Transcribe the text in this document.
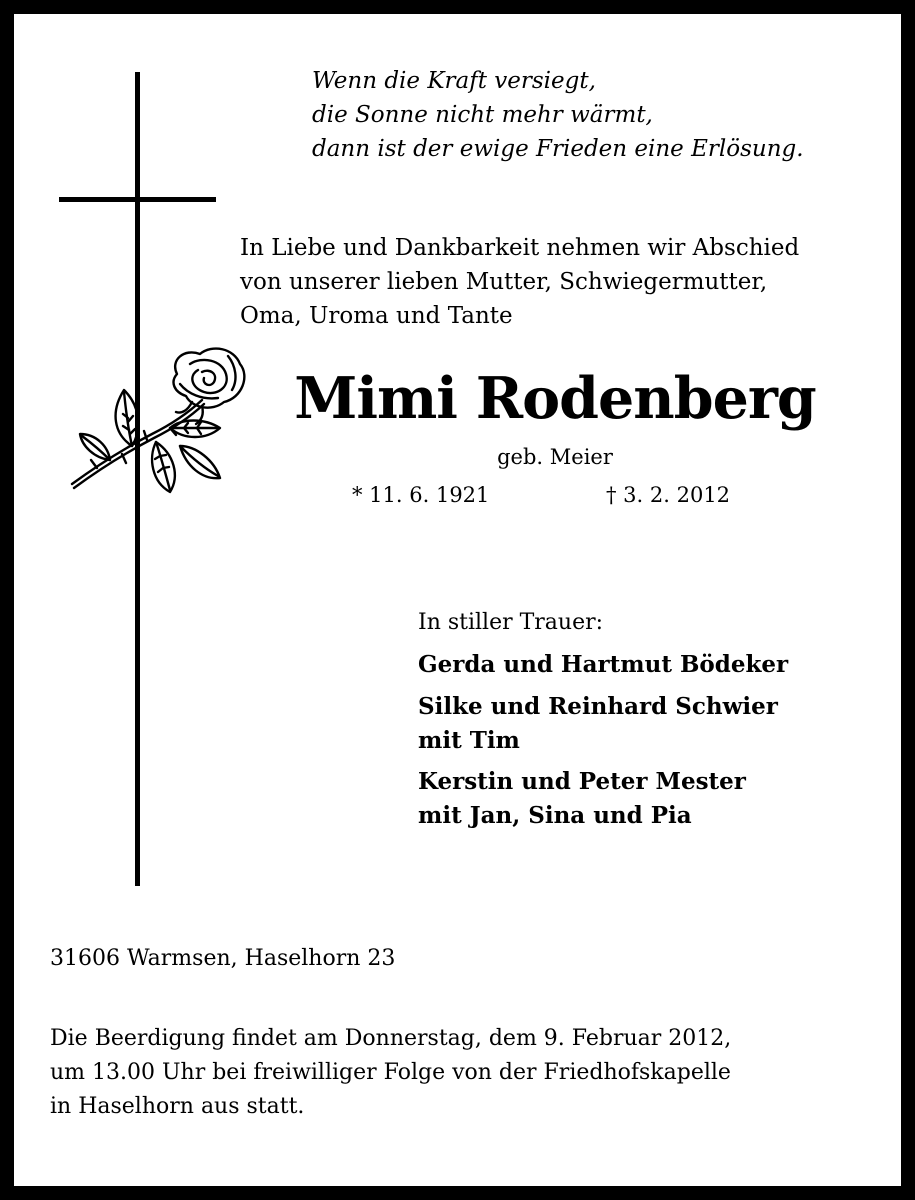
Wenn die Kraft versiegt,
die Sonne nicht mehr wärmt,
dann ist der ewige Frieden eine Erlösung.
In Liebe und Dankbarkeit nehmen wir Abschied
von unserer lieben Mutter, Schwiegermutter,
Oma, Uroma und Tante
Mimi Rodenberg
geb. Meier
* 11. 6. 1921	† 3. 2. 2012
In stiller Trauer:
Gerda und Hartmut Bödeker
Silke und Reinhard Schwier
mit Tim
Kerstin und Peter Mester
mit Jan, Sina und Pia
31606 Warmsen, Haselhorn 23
Die Beerdigung findet am Donnerstag, dem 9. Februar 2012,
um 13.00 Uhr bei freiwilliger Folge von der Friedhofskapelle
in Haselhorn aus statt.
